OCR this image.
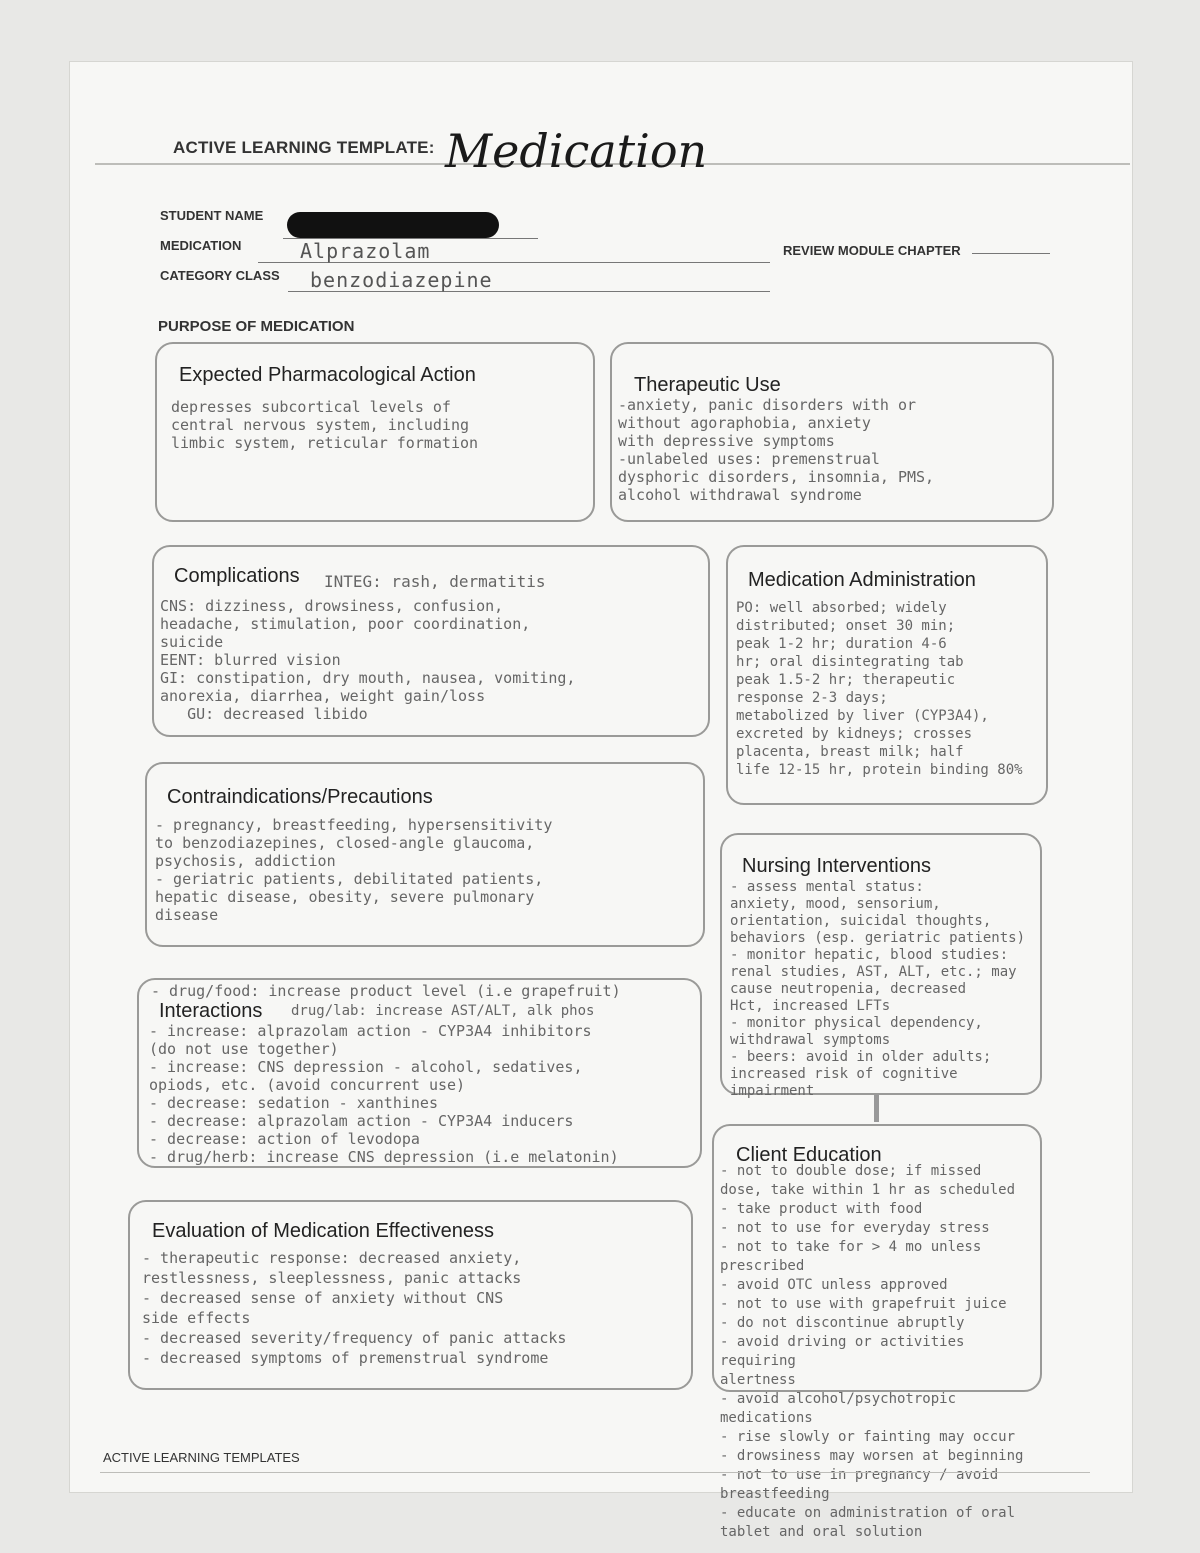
ACTIVE LEARNING TEMPLATE: Medication
STUDENT NAME
MEDICATION	Alprazolam
CATEGORY CLASS benzodiazepine
REVIEW MODULE CHAPTER
PURPOSE OF MEDICATION
Expected Pharmacological Action
depresses subcortical levels of
central nervous system, including
limbic system, reticular formation
Therapeutic Use
-anxiety, panic disorders with or
without agoraphobia, anxiety
with depressive symptoms
-unlabeled uses: premenstrual
dysphoric disorders, insomnia, PMS,
alcohol withdrawal syndrome
Complications INTEG: rash, dermatitis
CNS: dizziness, drowsiness, confusion,
headache, stimulation, poor coordination,
suicide
EENT: blurred vision
GI: constipation, dry mouth, nausea, vomiting,
anorexia, diarrhea, weight gain/loss
GU: decreased libido
Medication Administration
PO: well absorbed; widely
distributed; onset 30 min;
peak 1-2 hr; duration 4-6
hr; oral disintegrating tab
peak 1.5-2 hr; therapeutic
response 2-3 days;
metabolized by liver (CYP3A4),
excreted by kidneys; crosses
placenta, breast milk; half
life 12-15 hr, protein binding 80%
Contraindications/Precautions
- pregnancy, breastfeeding, hypersensitivity
to benzodiazepines, closed-angle glaucoma,
psychosis, addiction
- geriatric patients, debilitated patients,
hepatic disease, obesity, severe pulmonary
disease
Nursing Interventions
- assess mental status:
anxiety, mood, sensorium,
orientation, suicidal thoughts,
behaviors (esp. geriatric patients)
- monitor hepatic, blood studies:
renal studies, AST, ALT, etc.; may
cause neutropenia, decreased
Hct, increased LFTs
- monitor physical dependency,
withdrawal symptoms
- beers: avoid in older adults;
increased risk of cognitive impairment
- drug/food: increase product level (i.e grapefruit)
Interactions drug/lab: increase AST/ALT, alk phos
- increase: alprazolam action - CYP3A4 inhibitors
(do not use together)
- increase: CNS depression - alcohol, sedatives,
opiods, etc. (avoid concurrent use)
- decrease: sedation - xanthines
- decrease: alprazolam action - CYP3A4 inducers
- decrease: action of levodopa
- drug/herb: increase CNS depression (i.e melatonin)	Client Education
- not to double dose; if missed
dose, take within 1 hr as scheduled
- take product with food
- not to use for everyday stress
- not to take for > 4 mo unless prescribed
- avoid OTC unless approved
- not to use with grapefruit juice
- do not discontinue abruptly
- avoid driving or activities requiring
alertness
- avoid alcohol/psychotropic medications
- rise slowly or fainting may occur
- drowsiness may worsen at beginning
- not to use in pregnancy / avoid
breastfeeding
- educate on administration of oral
tablet and oral solution
Evaluation of Medication Effectiveness
- therapeutic response: decreased anxiety,
restlessness, sleeplessness, panic attacks
- decreased sense of anxiety without CNS
side effects
- decreased severity/frequency of panic attacks
- decreased symptoms of premenstrual syndrome
ACTIVE LEARNING TEMPLATES
